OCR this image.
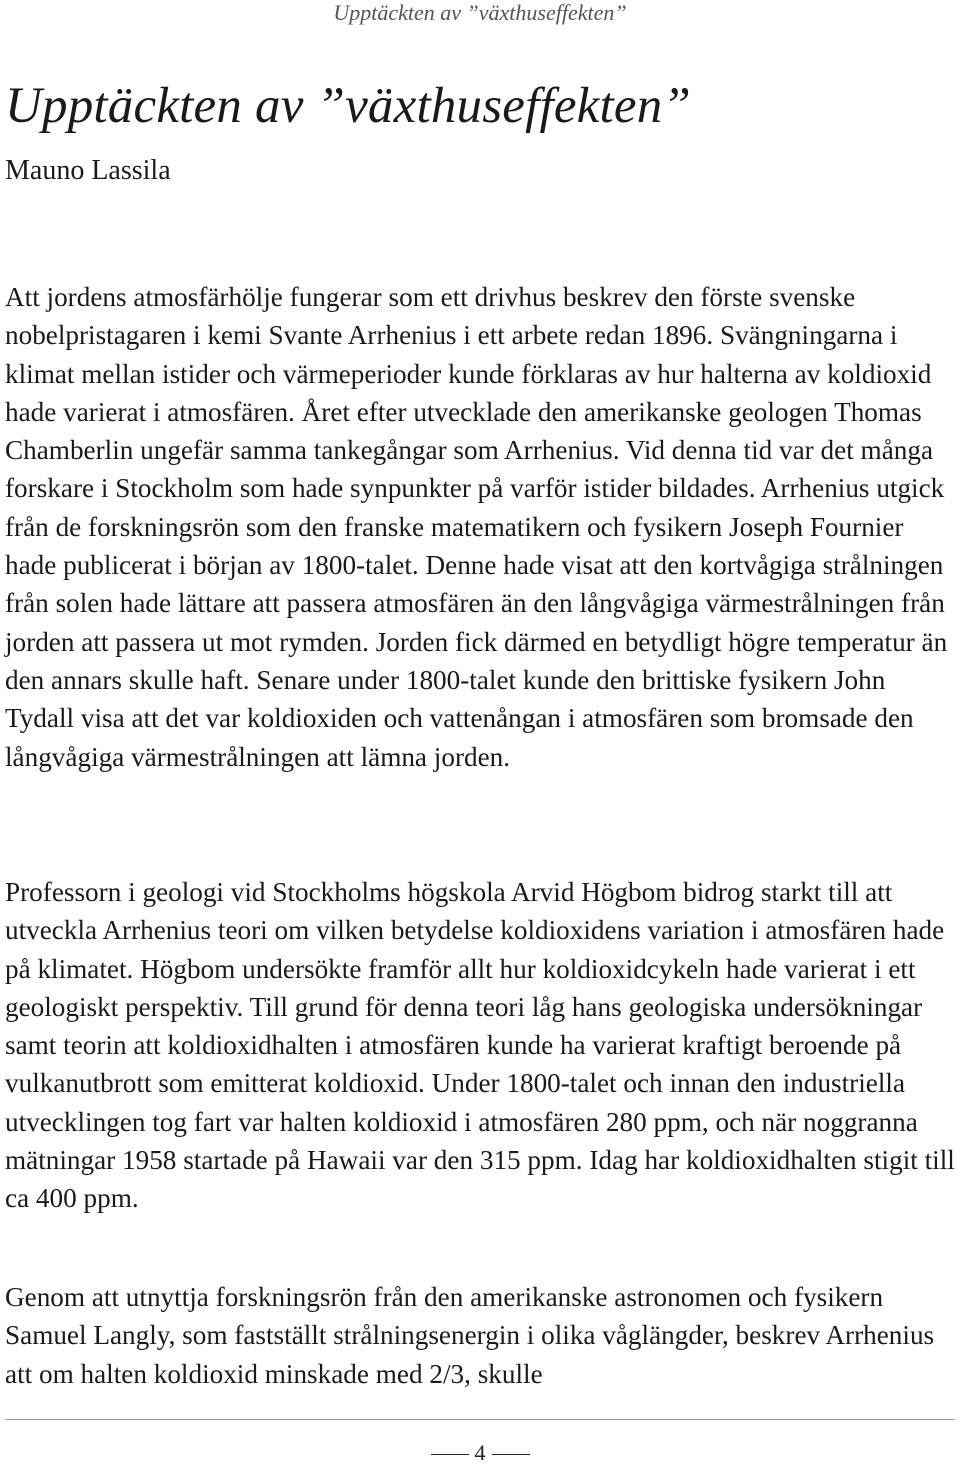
Upptäckten av ”växthuseffekten”
Upptäckten av ”växthuseffekten”
Mauno Lassila

Att jordens atmosfärhölje fungerar som ett drivhus beskrev den förste svenske nobelpristagaren i kemi Svante Arrhenius i ett arbete redan 1896. Svängningarna i klimat mellan istider och värmeperioder kunde förklaras av hur halterna av koldioxid hade varierat i atmosfären. Året efter utvecklade den amerikanske geologen Thomas Chamberlin ungefär samma tankegångar som Arrhenius. Vid denna tid var det många forskare i Stockholm som hade synpunkter på varför istider bildades. Arrhenius utgick från de forskningsrön som den franske matematikern och fysikern Joseph Fournier hade publicerat i början av 1800-talet. Denne hade visat att den kortvågiga strålningen från solen hade lättare att passera atmosfären än den långvågiga värmestrålningen från jorden att passera ut mot rymden. Jorden fick därmed en betydligt högre temperatur än den annars skulle haft. Senare under 1800-talet kunde den brittiske fysikern John Tydall visa att det var koldioxiden och vattenångan i atmosfären som bromsade den långvågiga värmestrålningen att lämna jorden.

Professorn i geologi vid Stockholms högskola Arvid Högbom bidrog starkt till att utveckla Arrhenius teori om vilken betydelse koldioxidens variation i atmosfären hade på klimatet. Högbom undersökte framför allt hur koldioxidcykeln hade varierat i ett geologiskt perspektiv. Till grund för denna teori låg hans geologiska undersökningar samt teorin att koldioxidhalten i atmosfären kunde ha varierat kraftigt beroende på vulkanutbrott som emitterat koldioxid. Under 1800-talet och innan den industriella utvecklingen tog fart var halten koldioxid i atmosfären 280 ppm, och när noggranna mätningar 1958 startade på Hawaii var den 315 ppm. Idag har koldioxidhalten stigit till ca 400 ppm.

Genom att utnyttja forskningsrön från den amerikanske astronomen och fysikern Samuel Langly, som fastställt strålningsenergin i olika våglängder, beskrev Arrhenius att om halten koldioxid minskade med 2/3, skulle

4
